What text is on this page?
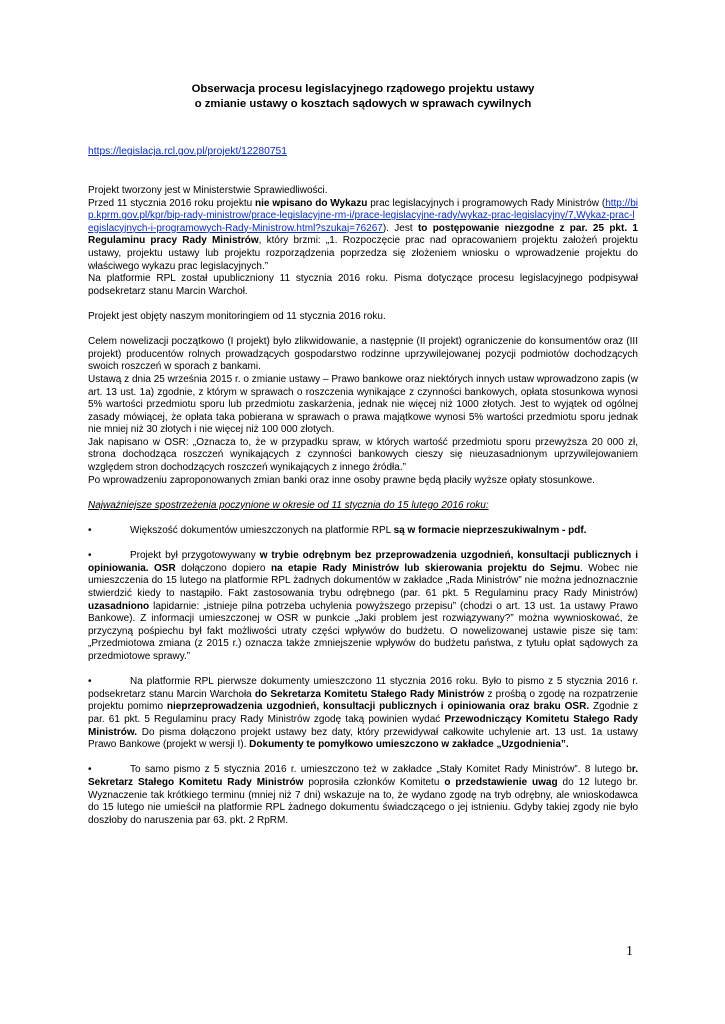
Obserwacja procesu legislacyjnego rządowego projektu ustawy
o zmianie ustawy o kosztach sądowych w sprawach cywilnych
https://legislacja.rcl.gov.pl/projekt/12280751

Projekt tworzony jest w Ministerstwie Sprawiedliwości.

Przed 11 stycznia 2016 roku projektu nie wpisano do Wykazu prac legislacyjnych i programowych Rady Ministrów (http://bip.kprm.gov.pl/kpr/bip-rady-ministrow/prace-legislacyjne-rm-i/prace-legislacyjne-rady/wykaz-prac-legislacyjny/7,Wykaz-prac-legislacyjnych-i-programowych-Rady-Ministrow.html?szukaj=76267). Jest to postępowanie niezgodne z par. 25 pkt. 1 Regulaminu pracy Rady Ministrów, który brzmi: „1. Rozpoczęcie prac nad opracowaniem projektu założeń projektu ustawy, projektu ustawy lub projektu rozporządzenia poprzedza się złożeniem wniosku o wprowadzenie projektu do właściwego wykazu prac legislacyjnych.”

Na platformie RPL został upubliczniony 11 stycznia 2016 roku. Pisma dotyczące procesu legislacyjnego podpisywał podsekretarz stanu Marcin Warchoł.

Projekt jest objęty naszym monitoringiem od 11 stycznia 2016 roku.

Celem nowelizacji początkowo (I projekt) było zlikwidowanie, a następnie (II projekt) ograniczenie do konsumentów oraz (III projekt) producentów rolnych prowadzących gospodarstwo rodzinne uprzywilejowanej pozycji podmiotów dochodzących swoich roszczeń w sporach z bankami.

Ustawą z dnia 25 września 2015 r. o zmianie ustawy – Prawo bankowe oraz niektórych innych ustaw wprowadzono zapis (w art. 13 ust. 1a) zgodnie, z którym w sprawach o roszczenia wynikające z czynności bankowych, opłata stosunkowa wynosi 5% wartości przedmiotu sporu lub przedmiotu zaskarżenia, jednak nie więcej niż 1000 złotych. Jest to wyjątek od ogólnej zasady mówiącej, że opłata taka pobierana w sprawach o prawa majątkowe wynosi 5% wartości przedmiotu sporu jednak nie mniej niż 30 złotych i nie więcej niż 100 000 złotych.

Jak napisano w OSR: „Oznacza to, że w przypadku spraw, w których wartość przedmiotu sporu przewyższa 20 000 zł, strona dochodząca roszczeń wynikających z czynności bankowych cieszy się nieuzasadnionym uprzywilejowaniem względem stron dochodzących roszczeń wynikających z innego źródła.”

Po wprowadzeniu zaproponowanych zmian banki oraz inne osoby prawne będą płaciły wyższe opłaty stosunkowe.

Najważniejsze spostrzeżenia poczynione w okresie od 11 stycznia do 15 lutego 2016 roku:

•	Większość dokumentów umieszczonych na platformie RPL są w formacie nieprzeszukiwalnym - pdf.

•	Projekt był przygotowywany w trybie odrębnym bez przeprowadzenia uzgodnień, konsultacji publicznych i opiniowania. OSR dołączono dopiero na etapie Rady Ministrów lub skierowania projektu do Sejmu. Wobec nie umieszczenia do 15 lutego na platformie RPL żadnych dokumentów w zakładce „Rada Ministrów” nie można jednoznacznie stwierdzić kiedy to nastąpiło. Fakt zastosowania trybu odrębnego (par. 61 pkt. 5 Regulaminu pracy Rady Ministrów) uzasadniono lapidarnie: „istnieje pilna potrzeba uchylenia powyższego przepisu” (chodzi o art. 13 ust. 1a ustawy Prawo Bankowe). Z informacji umieszczonej w OSR w punkcie „Jaki problem jest rozwiązywany?” można wywnioskować, że przyczyną pośpiechu był fakt możliwości utraty części wpływów do budżetu. O nowelizowanej ustawie pisze się tam: „Przedmiotowa zmiana (z 2015 r.) oznacza także zmniejszenie wpływów do budżetu państwa, z tytułu opłat sądowych za przedmiotowe sprawy.”

•	Na platformie RPL pierwsze dokumenty umieszczono 11 stycznia 2016 roku. Było to pismo z 5 stycznia 2016 r. podsekretarz stanu Marcin Warchoła do Sekretarza Komitetu Stałego Rady Ministrów z prośbą o zgodę na rozpatrzenie projektu pomimo nieprzeprowadzenia uzgodnień, konsultacji publicznych i opiniowania oraz braku OSR. Zgodnie z par. 61 pkt. 5 Regulaminu pracy Rady Ministrów zgodę taką powinien wydać Przewodniczący Komitetu Stałego Rady Ministrów. Do pisma dołączono projekt ustawy bez daty, który przewidywał całkowite uchylenie art. 13 ust. 1a ustawy Prawo Bankowe (projekt w wersji I). Dokumenty te pomyłkowo umieszczono w zakładce „Uzgodnienia”.

•	To samo pismo z 5 stycznia 2016 r. umieszczono też w zakładce „Stały Komitet Rady Ministrów”. 8 lutego br. Sekretarz Stałego Komitetu Rady Ministrów poprosiła członków Komitetu o przedstawienie uwag do 12 lutego br. Wyznaczenie tak krótkiego terminu (mniej niż 7 dni) wskazuje na to, że wydano zgodę na tryb odrębny, ale wnioskodawca do 15 lutego nie umieścił na platformie RPL żadnego dokumentu świadczącego o jej istnieniu. Gdyby takiej zgody nie było doszłoby do naruszenia par 63. pkt. 2 RpRM.

1
